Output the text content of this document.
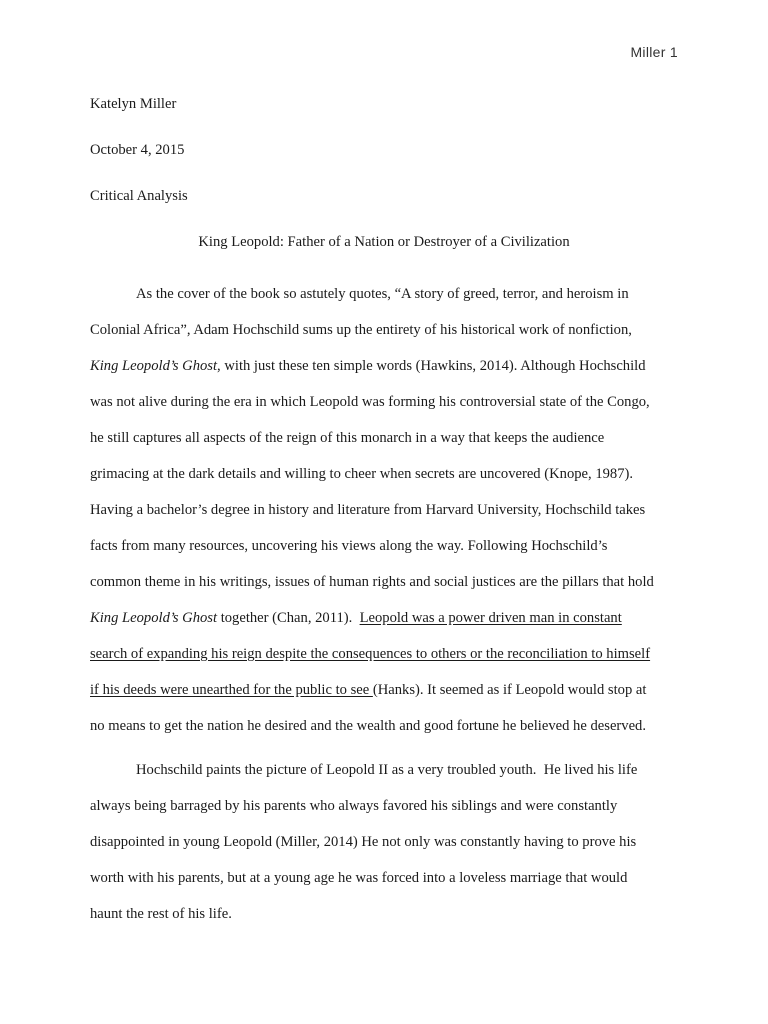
Miller 1
Katelyn Miller
October 4, 2015
Critical Analysis
King Leopold: Father of a Nation or Destroyer of a Civilization
As the cover of the book so astutely quotes, “A story of greed, terror, and heroism in
Colonial Africa”, Adam Hochschild sums up the entirety of his historical work of nonfiction,
King Leopold’s Ghost, with just these ten simple words (Hawkins, 2014). Although Hochschild
was not alive during the era in which Leopold was forming his controversial state of the Congo,
he still captures all aspects of the reign of this monarch in a way that keeps the audience
grimacing at the dark details and willing to cheer when secrets are uncovered (Knope, 1987).
Having a bachelor’s degree in history and literature from Harvard University, Hochschild takes
facts from many resources, uncovering his views along the way. Following Hochschild’s
common theme in his writings, issues of human rights and social justices are the pillars that hold
King Leopold’s Ghost together (Chan, 2011).  Leopold was a power driven man in constant
search of expanding his reign despite the consequences to others or the reconciliation to himself
if his deeds were unearthed for the public to see (Hanks). It seemed as if Leopold would stop at
no means to get the nation he desired and the wealth and good fortune he believed he deserved.
Hochschild paints the picture of Leopold II as a very troubled youth.  He lived his life
always being barraged by his parents who always favored his siblings and were constantly
disappointed in young Leopold (Miller, 2014) He not only was constantly having to prove his
worth with his parents, but at a young age he was forced into a loveless marriage that would
haunt the rest of his life.
